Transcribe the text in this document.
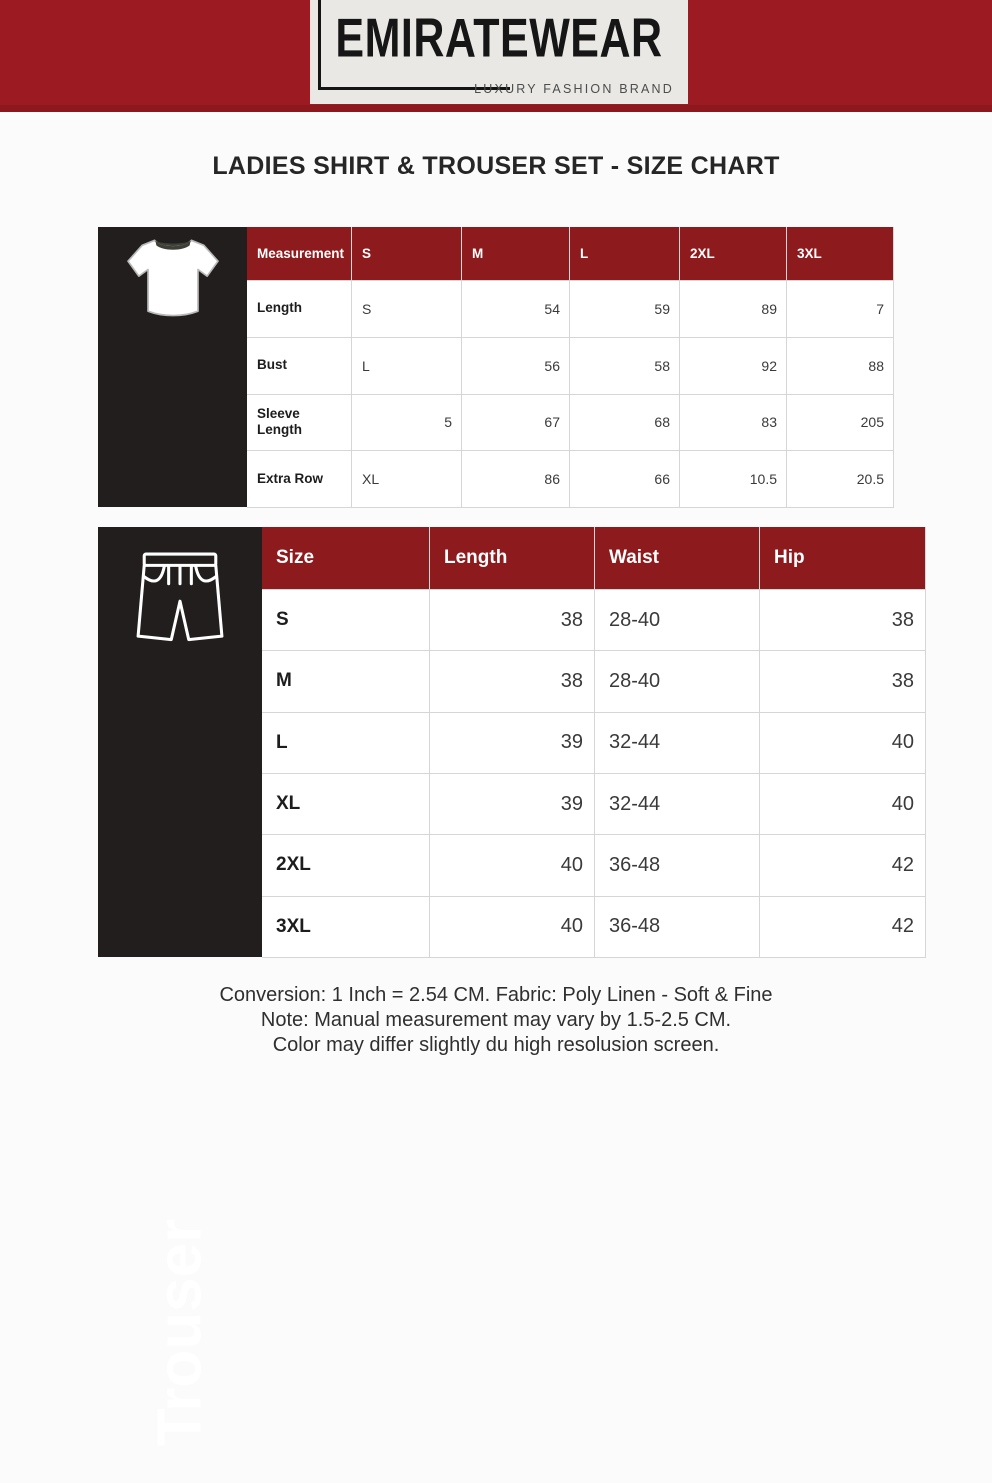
EMIRATEWEAR
LUXURY FASHION BRAND
LADIES SHIRT & TROUSER SET - SIZE CHART
Measurement	S	M	L	2XL	3XL
Length	S	54	59	89	7
Bust	L	56	58	92	88
Sleeve Length	5	67	68	83	205
Extra Row	XL	86	66	10.5	20.5
Trouser
Size	Length	Waist	Hip
S	38	28-40	38
M	38	28-40	38
L	39	32-44	40
XL	39	32-44	40
2XL	40	36-48	42
3XL	40	36-48	42
Conversion: 1 Inch = 2.54 CM. Fabric: Poly Linen - Soft & Fine
Note: Manual measurement may vary by 1.5-2.5 CM.
Color may differ slightly du high resolusion screen.
